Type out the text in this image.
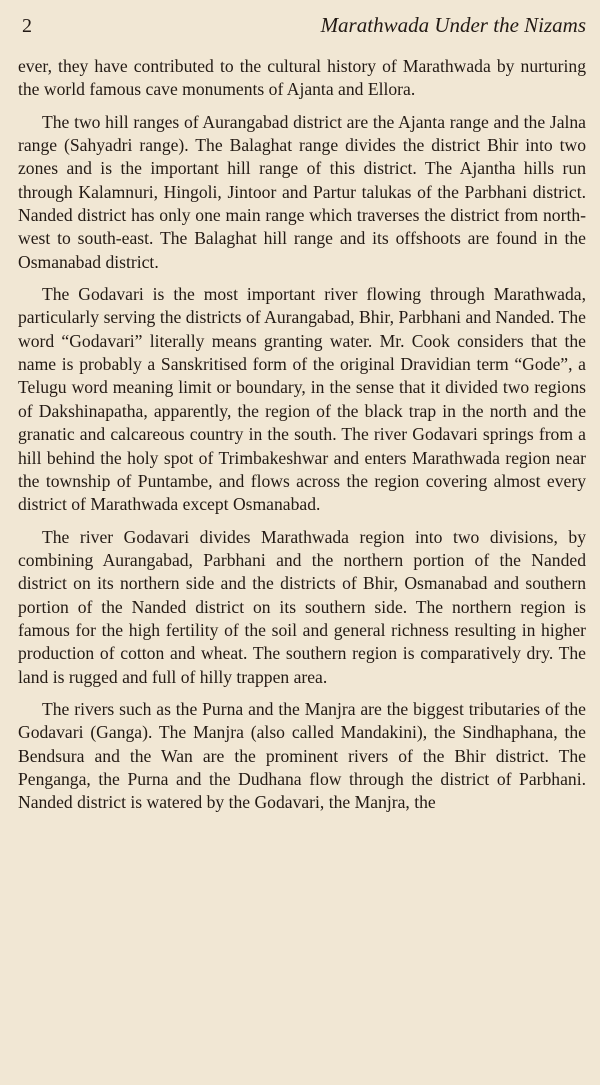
2	Marathwada Under the Nizams

ever, they have contributed to the cultural history of Marathwada by nurturing the world famous cave monuments of Ajanta and Ellora.

The two hill ranges of Aurangabad district are the Ajanta range and the Jalna range (Sahyadri range). The Balaghat range divides the district Bhir into two zones and is the important hill range of this district. The Ajantha hills run through Kalamnuri, Hingoli, Jintoor and Partur talukas of the Parbhani district. Nanded district has only one main range which traverses the district from north-west to south-east. The Balaghat hill range and its offshoots are found in the Osmanabad district.

The Godavari is the most important river flowing through Marathwada, particularly serving the districts of Aurangabad, Bhir, Parbhani and Nanded. The word “Godavari” literally means granting water. Mr. Cook considers that the name is probably a Sanskritised form of the original Dravidian term “Gode”, a Telugu word meaning limit or boundary, in the sense that it divided two regions of Dakshinapatha, apparently, the region of the black trap in the north and the granatic and calcareous country in the south. The river Godavari springs from a hill behind the holy spot of Trimbakeshwar and enters Marathwada region near the township of Puntambe, and flows across the region covering almost every district of Marathwada except Osmanabad.

The river Godavari divides Marathwada region into two divisions, by combining Aurangabad, Parbhani and the northern portion of the Nanded district on its northern side and the districts of Bhir, Osmanabad and southern portion of the Nanded district on its southern side. The northern region is famous for the high fertility of the soil and general richness resulting in higher production of cotton and wheat. The southern region is comparatively dry. The land is rugged and full of hilly trappen area.

The rivers such as the Purna and the Manjra are the biggest tributaries of the Godavari (Ganga). The Manjra (also called Mandakini), the Sindhaphana, the Bendsura and the Wan are the prominent rivers of the Bhir district. The Penganga, the Purna and the Dudhana flow through the district of Parbhani. Nanded district is watered by the Godavari, the Manjra, the
